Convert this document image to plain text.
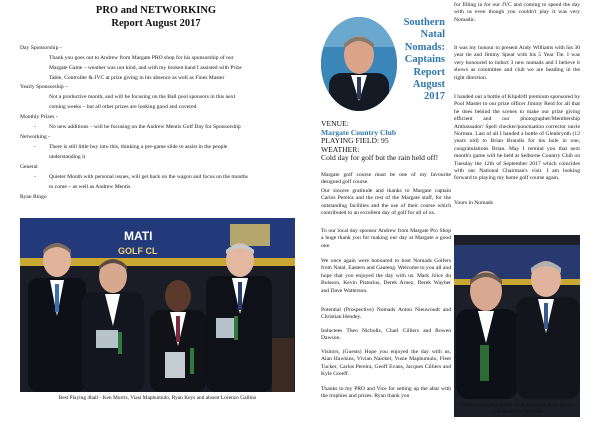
PRO and NETWORKING
Report August 2017
Day Sponsorship -
Thank you goes out to Andrew from Margate PRO shop for his sponsorship of our
Margate Game – weather was not kind, and with my broken hand I assisted with Prize
Table, Controller & JVC at prize giving in his absence as well as Fines Master
Yearly Sponsorship –
Not a productive month, and will be focusing on the Ball pool sponsors in this next
coming weeks – but all other prizes are looking good and covered
Monthly Prizes -
- No new additions – will be focusing on the Andrew Mentis Golf Day for Sponsorship
Networking -
- There is still little buy into this, thinking a pre-game slide to assist in the people
understanding it
General
- Quieter Month with personal issues, will get back on the wagon and focus on the months
to come – as well as Andrew Mentis
Ryan Ringo
MATI
GOLF CL
Best Playing 4ball - Ken Morris, Viasi Maphumulo, Ryan Keys and absent Lorenzo Gallino
Southern
Natal
Nomads:
Captains
Report
August
2017
VENUE:
Margate Country Club
PLAYING FIELD: 95
WEATHER:
Cold day for golf but the rain held off!
Margate golf course must be one of my favourite designed golf course.
Our sincere gratitude and thanks to Margate captain Carlos Pereira and the rest of the Margate staff, for the outstanding facilities and the use of their course which contributed to an excellent day of golf for all of us.
To our local day sponsor Andrew from Margate Pro Shop a huge thank you for making our day at Margate a good one.
We once again were honoured to host Nomads Golfers from Natal, Eastern and Gauteng. Welcome to you all and hope that you enjoyed the day with us. Mark Joice du Buisson, Kevin Pistorius, Derek Arnez, Derek Wayber and Dave Watterson.
Potential (Prospective) Nomads Anton Nieuwoudt and Christian Hendey.
Inductees Theo Nicholls, Charl Cilliers and Rowen Dawson.
Visitors, (Guests) Hope you enjoyed the day with us, Alan Hawkins, Vivian Naicker, Vusie Maphumulo, Fleet Tucker, Carlos Pereira, Geoff Evans, Jacques Cilliers and Kyle Greeff.
Thanks to my PRO and Vice for setting up the altar with the trophies and prizes. Ryan thank you
for filling in for our JVC and coming to spend the day with us even though you couldn't play it was very Nomadic.
It was my honour to present Andy Williams with his 30 year tie and Jimmy Spear with his 5 Year Tie. I was very honoured to induct 3 new nomads and I believe it shows as committee and club we are heading in the right direction.
I handed out a bottle of Klipdrift premium sponsored by Pool Master to our prize officer Jimmy Reid for all that he does behind the scenes to make our prize giving efficient and our photographer/Membership Ambassador/ Spell checker/punctuation corrector uncle Norman. Last of all I handed a bottle of Glenbrynth (12 years old) to Brian Brandis for his hole in one, congratulations Brian. May I remind you that next month's game will be held at Selborne Country Club on Tuesday the 12th of September 2017 which coincides with our National Chairman's visit. I am looking forward to playing my home golf course again.
Yours in Nomads
Jimmy received a bottle of his favourite brew for his contribution to Nomads
